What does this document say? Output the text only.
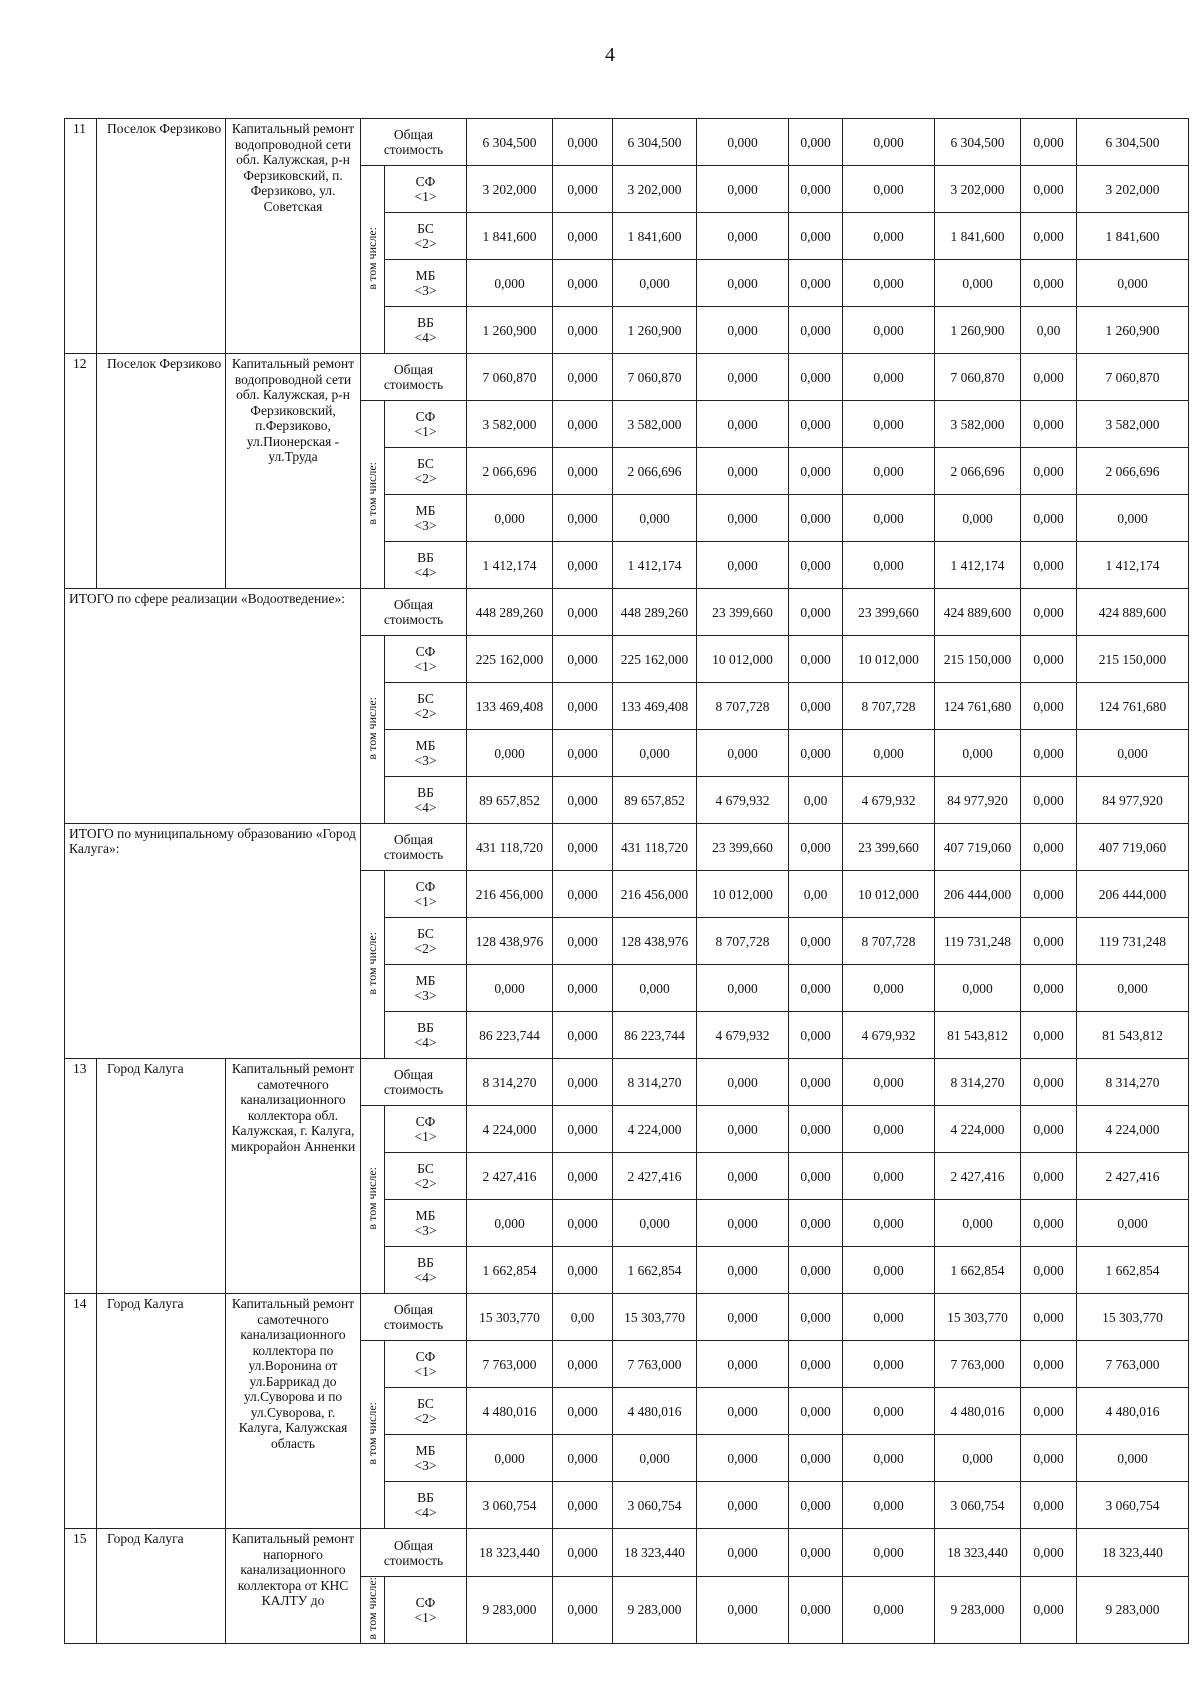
4
11	Поселок Ферзиково	Капитальный ремонт водопроводной сети обл. Калужская, р-н Ферзиковский, п. Ферзиково, ул. Советская	Общая
стоимость		6 304,500	0,000	6 304,500	0,000	0,000	0,000	6 304,500	0,000	6 304,500
			в том числе:	СФ
<1>	3 202,000	0,000	3 202,000	0,000	0,000	0,000	3 202,000	0,000	3 202,000
				БС
<2>	1 841,600	0,000	1 841,600	0,000	0,000	0,000	1 841,600	0,000	1 841,600
				МБ
<3>	0,000	0,000	0,000	0,000	0,000	0,000	0,000	0,000	0,000
				ВБ
<4>	1 260,900	0,000	1 260,900	0,000	0,000	0,000	1 260,900	0,00	1 260,900
12	Поселок Ферзиково	Капитальный ремонт водопроводной сети обл. Калужская, р-н Ферзиковский, п.Ферзиково, ул.Пионерская - ул.Труда	Общая
стоимость		7 060,870	0,000	7 060,870	0,000	0,000	0,000	7 060,870	0,000	7 060,870
			в том числе:	СФ
<1>	3 582,000	0,000	3 582,000	0,000	0,000	0,000	3 582,000	0,000	3 582,000
				БС
<2>	2 066,696	0,000	2 066,696	0,000	0,000	0,000	2 066,696	0,000	2 066,696
				МБ
<3>	0,000	0,000	0,000	0,000	0,000	0,000	0,000	0,000	0,000
				ВБ
<4>	1 412,174	0,000	1 412,174	0,000	0,000	0,000	1 412,174	0,000	1 412,174
ИТОГО по сфере реализации «Водоотведение»:			Общая
стоимость		448 289,260	0,000	448 289,260	23 399,660	0,000	23 399,660	424 889,600	0,000	424 889,600
			в том числе:	СФ
<1>	225 162,000	0,000	225 162,000	10 012,000	0,000	10 012,000	215 150,000	0,000	215 150,000
				БС
<2>	133 469,408	0,000	133 469,408	8 707,728	0,000	8 707,728	124 761,680	0,000	124 761,680
				МБ
<3>	0,000	0,000	0,000	0,000	0,000	0,000	0,000	0,000	0,000
				ВБ
<4>	89 657,852	0,000	89 657,852	4 679,932	0,00	4 679,932	84 977,920	0,000	84 977,920
ИТОГО по муниципальному образованию «Город Калуга»:			Общая
стоимость		431 118,720	0,000	431 118,720	23 399,660	0,000	23 399,660	407 719,060	0,000	407 719,060
			в том числе:	СФ
<1>	216 456,000	0,000	216 456,000	10 012,000	0,00	10 012,000	206 444,000	0,000	206 444,000
				БС
<2>	128 438,976	0,000	128 438,976	8 707,728	0,000	8 707,728	119 731,248	0,000	119 731,248
				МБ
<3>	0,000	0,000	0,000	0,000	0,000	0,000	0,000	0,000	0,000
				ВБ
<4>	86 223,744	0,000	86 223,744	4 679,932	0,000	4 679,932	81 543,812	0,000	81 543,812
13	Город Калуга	Капитальный ремонт самотечного канализационного коллектора обл. Калужская, г. Калуга, микрорайон Анненки	Общая
стоимость		8 314,270	0,000	8 314,270	0,000	0,000	0,000	8 314,270	0,000	8 314,270
			в том числе:	СФ
<1>	4 224,000	0,000	4 224,000	0,000	0,000	0,000	4 224,000	0,000	4 224,000
				БС
<2>	2 427,416	0,000	2 427,416	0,000	0,000	0,000	2 427,416	0,000	2 427,416
				МБ
<3>	0,000	0,000	0,000	0,000	0,000	0,000	0,000	0,000	0,000
				ВБ
<4>	1 662,854	0,000	1 662,854	0,000	0,000	0,000	1 662,854	0,000	1 662,854
14	Город Калуга	Капитальный ремонт самотечного канализационного коллектора по ул.Воронина от ул.Баррикад до ул.Суворова и по ул.Суворова, г. Калуга, Калужская область	Общая
стоимость		15 303,770	0,00	15 303,770	0,000	0,000	0,000	15 303,770	0,000	15 303,770
			в том числе:	СФ
<1>	7 763,000	0,000	7 763,000	0,000	0,000	0,000	7 763,000	0,000	7 763,000
				БС
<2>	4 480,016	0,000	4 480,016	0,000	0,000	0,000	4 480,016	0,000	4 480,016
				МБ
<3>	0,000	0,000	0,000	0,000	0,000	0,000	0,000	0,000	0,000
				ВБ
<4>	3 060,754	0,000	3 060,754	0,000	0,000	0,000	3 060,754	0,000	3 060,754
15	Город Калуга	Капитальный ремонт напорного канализационного коллектора от КНС КАЛТУ до	Общая
стоимость		18 323,440	0,000	18 323,440	0,000	0,000	0,000	18 323,440	0,000	18 323,440
			в том числе:	СФ
<1>	9 283,000	0,000	9 283,000	0,000	0,000	0,000	9 283,000	0,000	9 283,000
